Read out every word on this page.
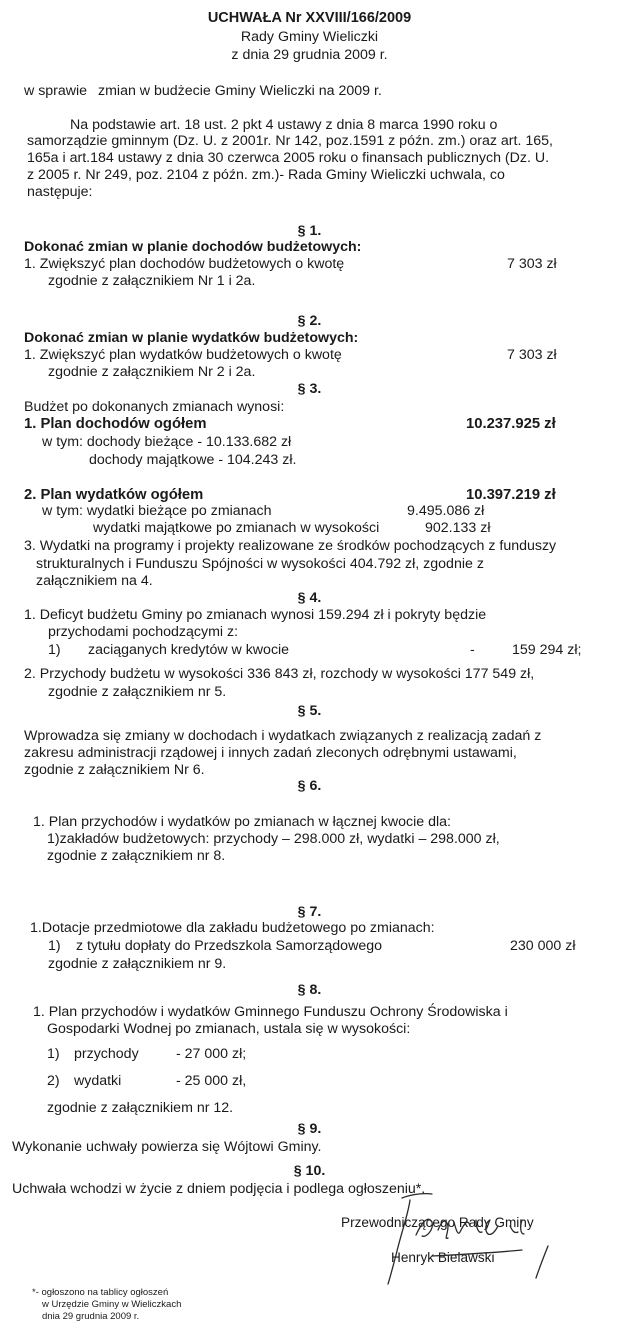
UCHWAŁA Nr XXVIII/166/2009
Rady Gminy Wieliczki
z dnia 29 grudnia 2009 r.
w sprawie zmian w budżecie Gminy Wieliczki na 2009 r.
Na podstawie art. 18 ust. 2 pkt 4 ustawy z dnia 8 marca 1990 roku o
samorządzie gminnym (Dz. U. z 2001r. Nr 142, poz.1591 z późn. zm.) oraz art. 165,
165a i art.184 ustawy z dnia 30 czerwca 2005 roku o finansach publicznych (Dz. U.
z 2005 r. Nr 249, poz. 2104 z późn. zm.)- Rada Gminy Wieliczki uchwala, co
następuje:
§ 1.
Dokonać zmian w planie dochodów budżetowych:
1. Zwiększyć plan dochodów budżetowych o kwotę	7 303 zł
zgodnie z załącznikiem Nr 1 i 2a.
§ 2.
Dokonać zmian w planie wydatków budżetowych:
1. Zwiększyć plan wydatków budżetowych o kwotę	7 303 zł
zgodnie z załącznikiem Nr 2 i 2a.
§ 3.
Budżet po dokonanych zmianach wynosi:
1. Plan dochodów ogółem	10.237.925 zł
w tym: dochody bieżące - 10.133.682 zł
dochody majątkowe - 104.243 zł.
2. Plan wydatków ogółem	10.397.219 zł
w tym: wydatki bieżące po zmianach	9.495.086 zł
wydatki majątkowe po zmianach w wysokości	902.133 zł
3. Wydatki na programy i projekty realizowane ze środków pochodzących z funduszy
strukturalnych i Funduszu Spójności w wysokości 404.792 zł, zgodnie z
załącznikiem na 4.
§ 4.
1. Deficyt budżetu Gminy po zmianach wynosi 159.294 zł i pokryty będzie
przychodami pochodzącymi z:
1) zaciąganych kredytów w kwocie	-	159 294 zł;
2. Przychody budżetu w wysokości 336 843 zł, rozchody w wysokości 177 549 zł,
zgodnie z załącznikiem nr 5.
§ 5.
Wprowadza się zmiany w dochodach i wydatkach związanych z realizacją zadań z
zakresu administracji rządowej i innych zadań zleconych odrębnymi ustawami,
zgodnie z załącznikiem Nr 6.
§ 6.
1. Plan przychodów i wydatków po zmianach w łącznej kwocie dla:
1)zakładów budżetowych: przychody – 298.000 zł, wydatki – 298.000 zł,
zgodnie z załącznikiem nr 8.
§ 7.
1.Dotacje przedmiotowe dla zakładu budżetowego po zmianach:
1) z tytułu dopłaty do Przedszkola Samorządowego	230 000 zł
zgodnie z załącznikiem nr 9.
§ 8.
1. Plan przychodów i wydatków Gminnego Funduszu Ochrony Środowiska i
Gospodarki Wodnej po zmianach, ustala się w wysokości:
1) przychody	- 27 000 zł;
2) wydatki	- 25 000 zł,
zgodnie z załącznikiem nr 12.
§ 9.
Wykonanie uchwały powierza się Wójtowi Gminy.
§ 10.
Uchwała wchodzi w życie z dniem podjęcia i podlega ogłoszeniu*.
Przewodniczącego Rady Gminy
Henryk Bielawski
*- ogłoszono na tablicy ogłoszeń
w Urzędzie Gminy w Wieliczkach
dnia 29 grudnia 2009 r.
